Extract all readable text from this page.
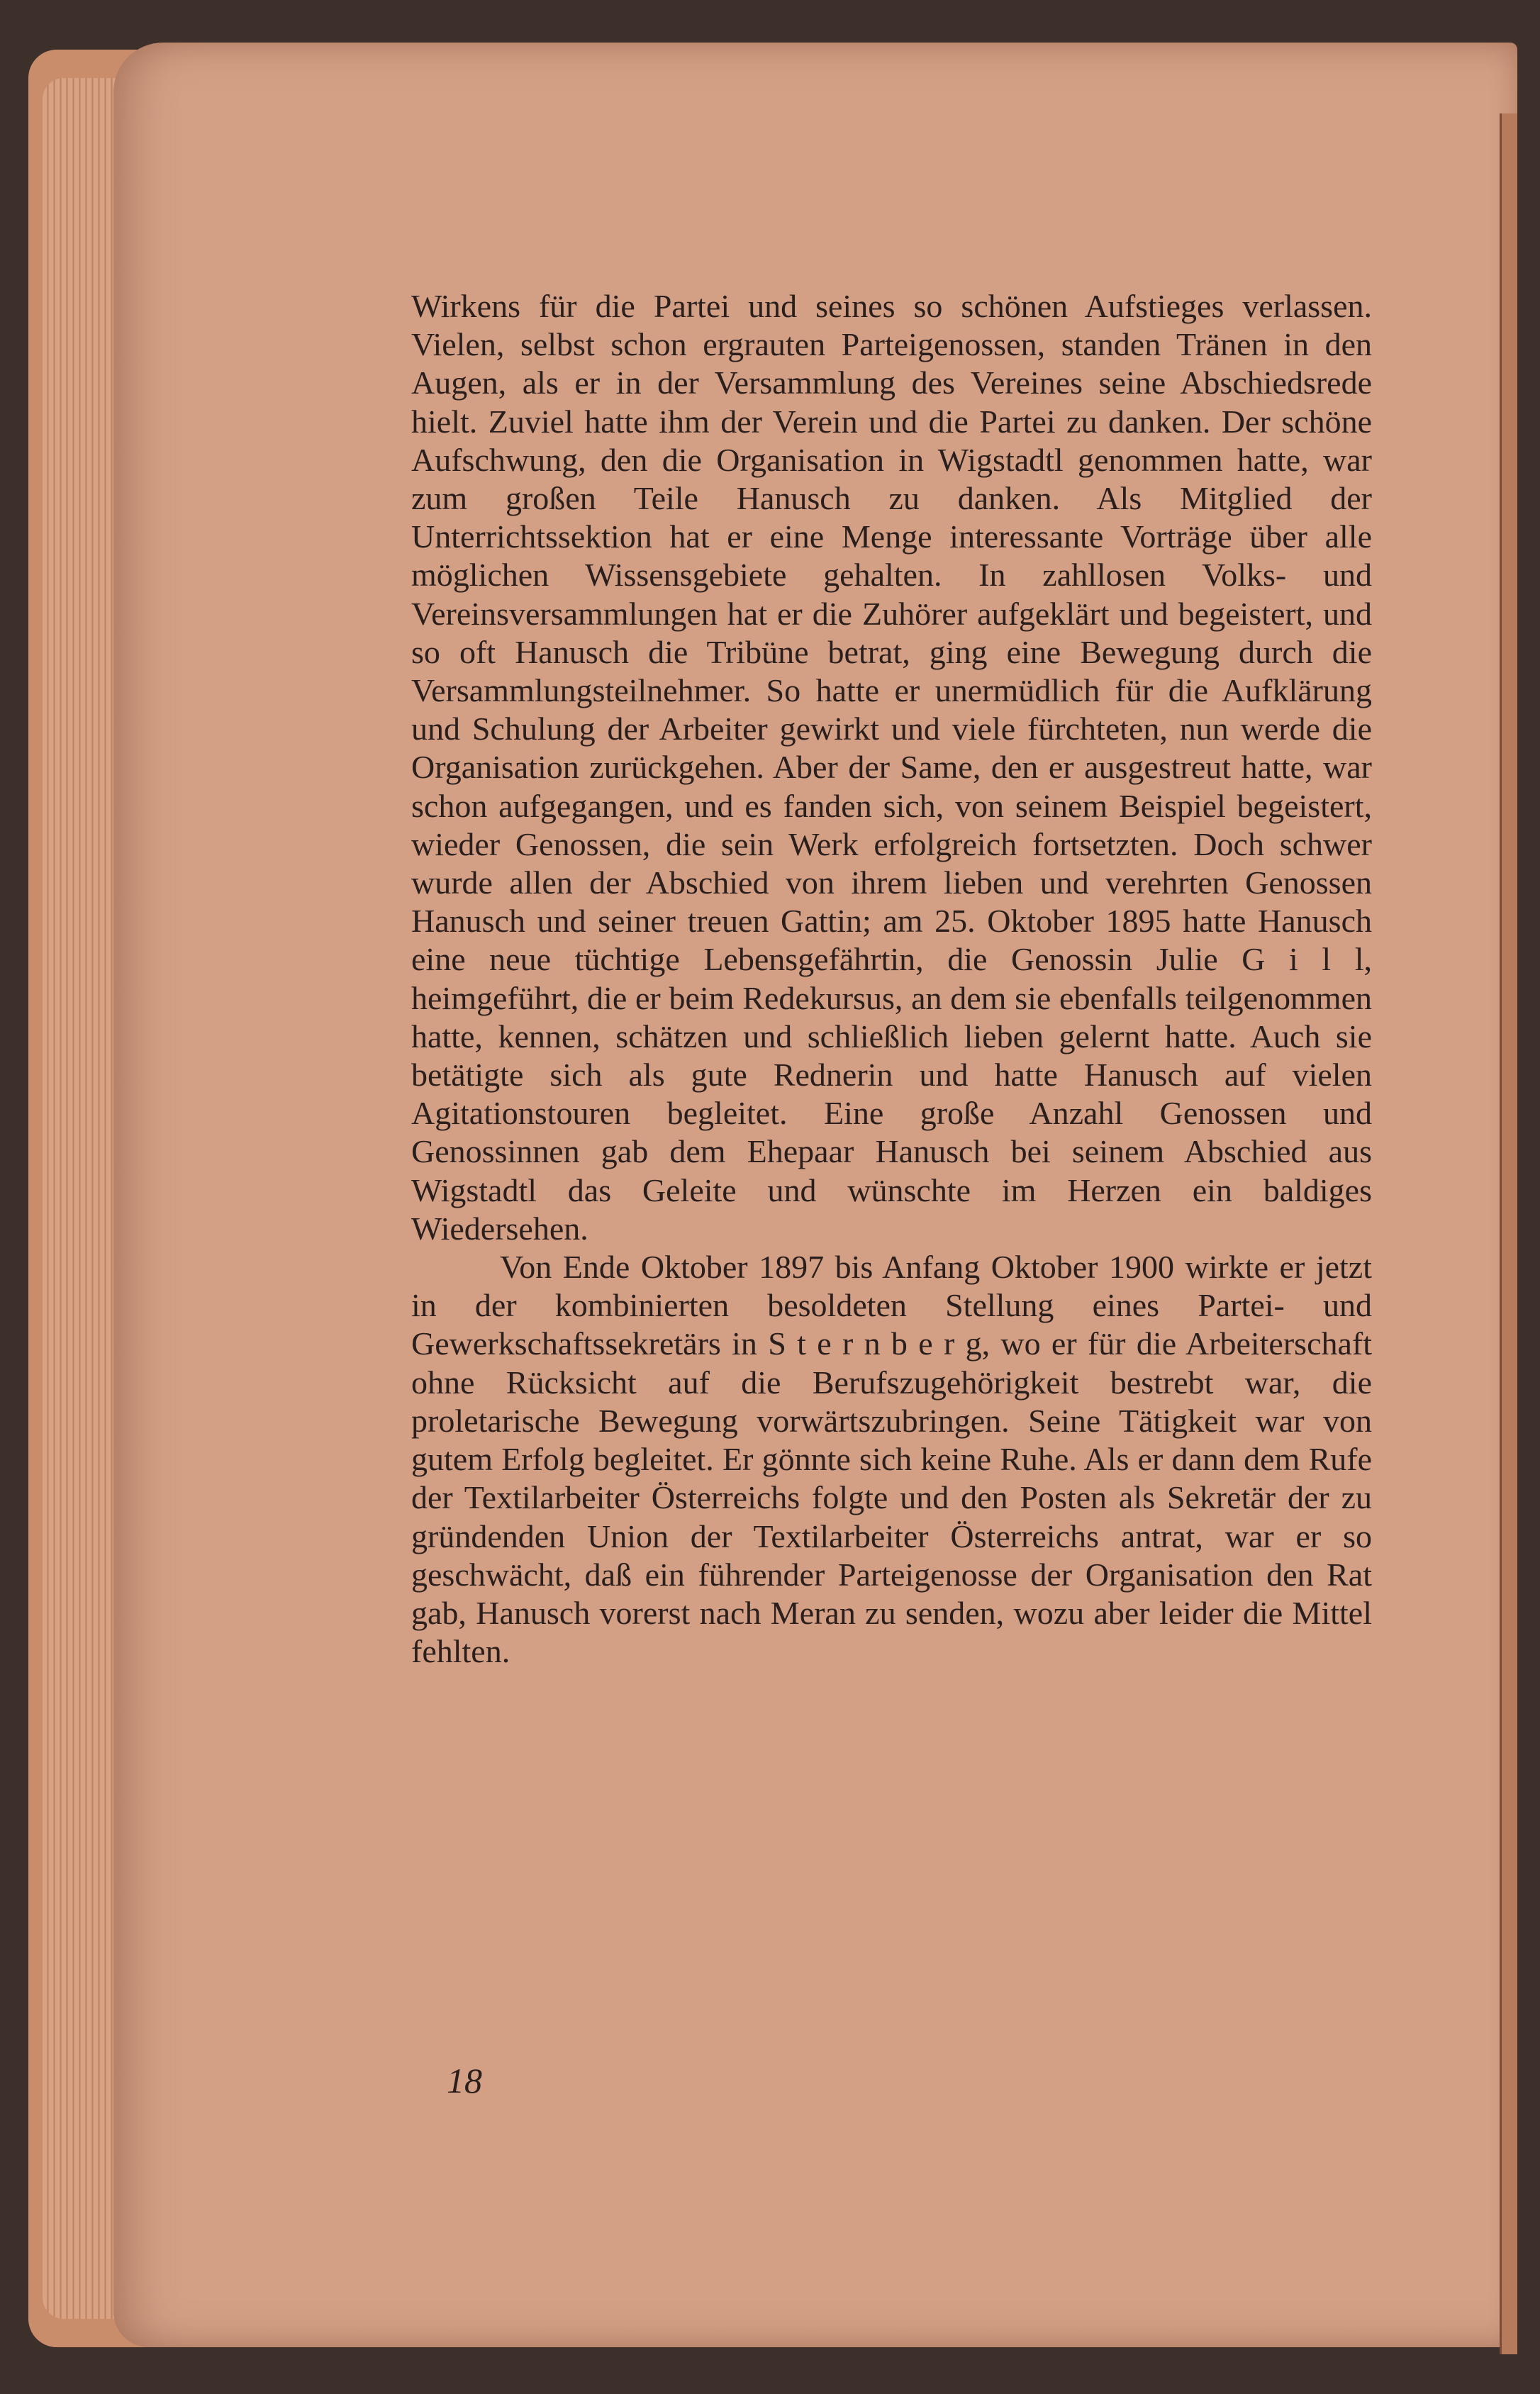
Wirkens für die Partei und seines so schönen Aufstieges verlassen. Vielen, selbst schon ergrauten Parteigenossen, standen Tränen in den Augen, als er in der Versammlung des Vereines seine Abschiedsrede hielt. Zuviel hatte ihm der Verein und die Partei zu danken. Der schöne Aufschwung, den die Organisation in Wigstadtl genommen hatte, war zum großen Teile Hanusch zu danken. Als Mitglied der Unterrichtssektion hat er eine Menge interessante Vorträge über alle möglichen Wissensgebiete gehalten. In zahllosen Volks- und Vereinsversammlungen hat er die Zuhörer aufgeklärt und begeistert, und so oft Hanusch die Tribüne betrat, ging eine Bewegung durch die Versammlungsteilnehmer. So hatte er unermüdlich für die Aufklärung und Schulung der Arbeiter gewirkt und viele fürchteten, nun werde die Organisation zurückgehen. Aber der Same, den er ausgestreut hatte, war schon aufgegangen, und es fanden sich, von seinem Beispiel begeistert, wieder Genossen, die sein Werk erfolgreich fortsetzten. Doch schwer wurde allen der Abschied von ihrem lieben und verehrten Genossen Hanusch und seiner treuen Gattin; am 25. Oktober 1895 hatte Hanusch eine neue tüchtige Lebensgefährtin, die Genossin Julie G i l l, heimgeführt, die er beim Redekursus, an dem sie ebenfalls teilgenommen hatte, kennen, schätzen und schließlich lieben gelernt hatte. Auch sie betätigte sich als gute Rednerin und hatte Hanusch auf vielen Agitationstouren begleitet. Eine große Anzahl Genossen und Genossinnen gab dem Ehepaar Hanusch bei seinem Abschied aus Wigstadtl das Geleite und wünschte im Herzen ein baldiges Wiedersehen.

Von Ende Oktober 1897 bis Anfang Oktober 1900 wirkte er jetzt in der kombinierten besoldeten Stellung eines Partei- und Gewerkschaftssekretärs in S t e r n b e r g, wo er für die Arbeiterschaft ohne Rücksicht auf die Berufszugehörigkeit bestrebt war, die proletarische Bewegung vorwärtszubringen. Seine Tätigkeit war von gutem Erfolg begleitet. Er gönnte sich keine Ruhe. Als er dann dem Rufe der Textilarbeiter Österreichs folgte und den Posten als Sekretär der zu gründenden Union der Textilarbeiter Österreichs antrat, war er so geschwächt, daß ein führender Parteigenosse der Organisation den Rat gab, Hanusch vorerst nach Meran zu senden, wozu aber leider die Mittel fehlten.

18
